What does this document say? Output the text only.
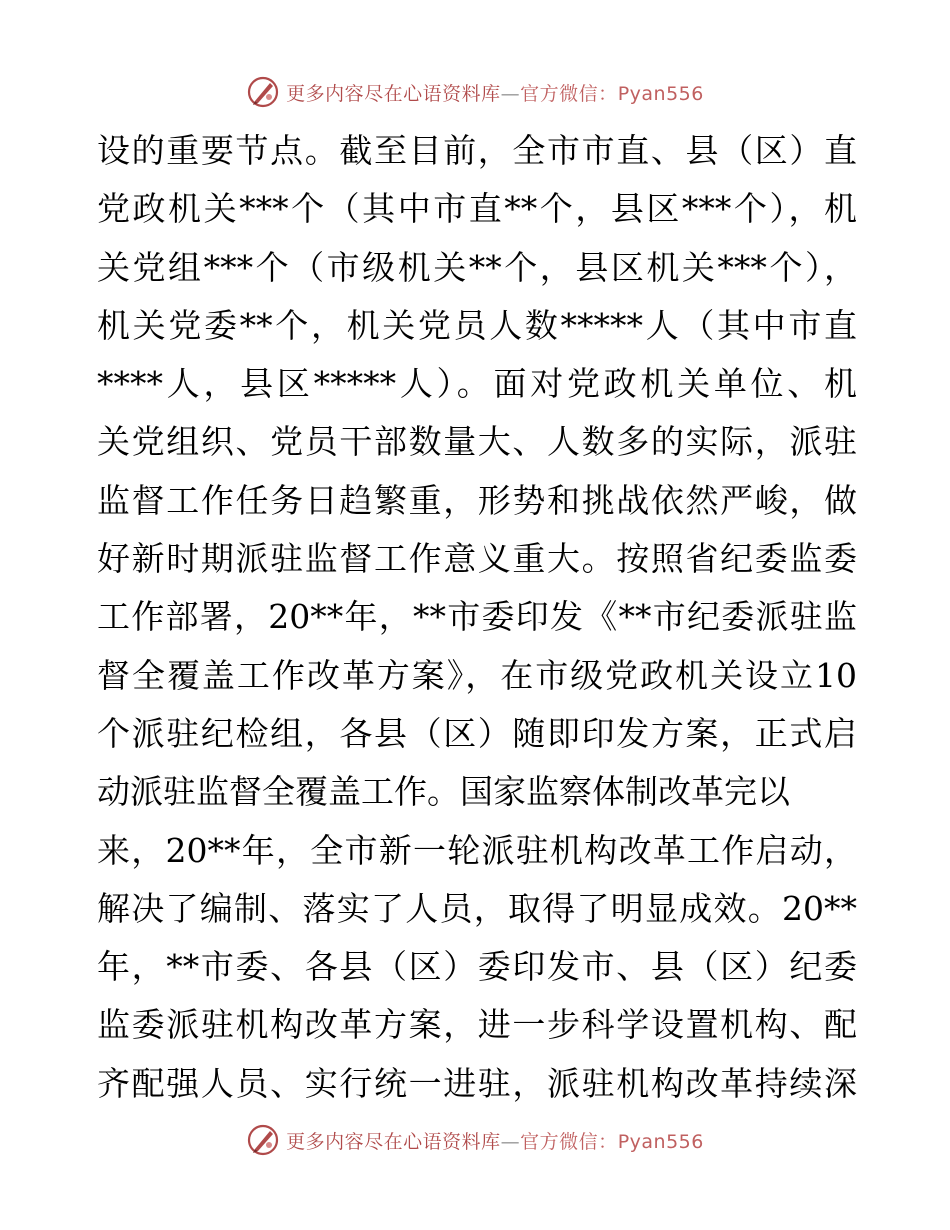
更多内容尽在心语资料库—官方微信：Pyan556
设的重要节点。截至目前，全市市直、县（区）直
党政机关***个（其中市直**个，县区***个），机
关党组***个（市级机关**个，县区机关***个），
机关党委**个，机关党员人数*****人（其中市直
****人，县区*****人）。面对党政机关单位、机
关党组织、党员干部数量大、人数多的实际，派驻
监督工作任务日趋繁重，形势和挑战依然严峻，做
好新时期派驻监督工作意义重大。按照省纪委监委
工作部署，20**年，**市委印发《**市纪委派驻监
督全覆盖工作改革方案》，在市级党政机关设立10
个派驻纪检组，各县（区）随即印发方案，正式启
动派驻监督全覆盖工作。国家监察体制改革完以
来，20**年，全市新一轮派驻机构改革工作启动，
解决了编制、落实了人员，取得了明显成效。20**
年，**市委、各县（区）委印发市、县（区）纪委
监委派驻机构改革方案，进一步科学设置机构、配
齐配强人员、实行统一进驻，派驻机构改革持续深
更多内容尽在心语资料库—官方微信：Pyan556
